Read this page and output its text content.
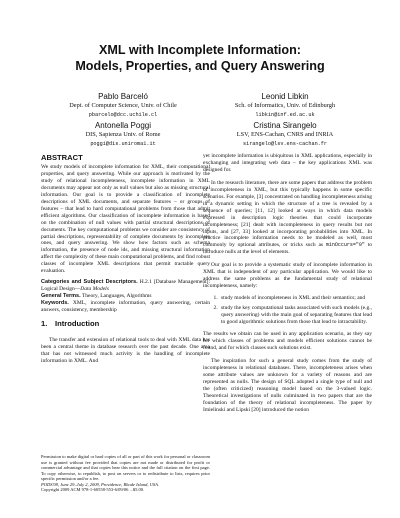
XML with Incomplete Information:
Models, Properties, and Query Answering
Pablo Barceló
Dept. of Computer Science, Univ. of Chile
pbarcelo@dcc.uchile.cl
Leonid Libkin
Sch. of Informatics, Univ. of Edinburgh
libkin@inf.ed.ac.uk
Antonella Poggi
DIS, Sapienza Univ. of Rome
poggi@dis.uniroma1.it
Cristina Sirangelo
LSV, ENS-Cachan, CNRS and INRIA
sirangelo@lsv.ens-cachan.fr
ABSTRACT

We study models of incomplete information for XML, their computational properties, and query answering. While our approach is motivated by the study of relational incompleteness, incomplete information in XML documents may appear not only as null values but also as missing structural information. Our goal is to provide a classification of incomplete descriptions of XML documents, and separate features – or groups of features – that lead to hard computational problems from those that admit efficient algorithms. Our classification of incomplete information is based on the combination of null values with partial structural descriptions of documents. The key computational problems we consider are consistency of partial descriptions, representability of complete documents by incomplete ones, and query answering. We show how factors such as schema information, the presence of node ids, and missing structural information affect the complexity of these main computational problems, and find robust classes of incomplete XML descriptions that permit tractable query evaluation.

Categories and Subject Descriptors. H.2.1 [Database Management]: Logical Design—Data Models

General Terms. Theory, Languages, Algorithms

Keywords. XML, incomplete information, query answering, certain answers, consistency, membership

1. Introduction

The transfer and extension of relational tools to deal with XML data has been a central theme in database research over the past decade. One area that has not witnessed much activity is the handling of incomplete information in XML. And

Permission to make digital or hard copies of all or part of this work for personal or classroom use is granted without fee provided that copies are not made or distributed for profit or commercial advantage and that copies bear this notice and the full citation on the first page. To copy otherwise, to republish, to post on servers or to redistribute to lists, requires prior specific permission and/or a fee.
PODS'09, June 29–July 2, 2009, Providence, Rhode Island, USA.
Copyright 2009 ACM 978-1-60558-553-6/09/06 ...$5.00.

yet incomplete information is ubiquitous in XML applications, especially in exchanging and integrating web data – the key applications XML was designed for.

In the research literature, there are some papers that address the problem of incompleteness in XML, but this typically happens in some specific scenarios. For example, [3] concentrated on handling incompleteness arising in a dynamic setting in which the structure of a tree is revealed by a sequence of queries; [11, 12] looked at ways in which data models expressed in description logic theories that could incorporate incompleteness; [21] dealt with incompleteness in query results but not inputs, and [27, 33] looked at incorporating probabilities into XML. In practice incomplete information needs to be modeled as well, most commonly by optional attributes, or tricks such as minOccurs="0" to introduce nulls at the level of elements.

Our goal is to provide a systematic study of incomplete information in XML that is independent of any particular application. We would like to address the same problems as the fundamental study of relational incompleteness, namely:

1. study models of incompleteness in XML and their semantics; and
2. study the key computational tasks associated with such models (e.g., query answering) with the main goal of separating features that lead to good algorithmic solutions from those that lead to intractability.

The results we obtain can be used in any application scenario, as they say for which classes of problems and models efficient solutions cannot be found, and for which classes such solutions exist.

The inspiration for such a general study comes from the study of incompleteness in relational databases. There, incompleteness arises when some attribute values are unknown for a variety of reasons and are represented as nulls. The design of SQL adopted a single type of null and the (often criticized) reasoning model based on the 3-valued logic. Theoretical investigations of nulls culminated in two papers that are the foundation of the theory of relational incompleteness. The paper by Imielinski and Lipski [20] introduced the notion
